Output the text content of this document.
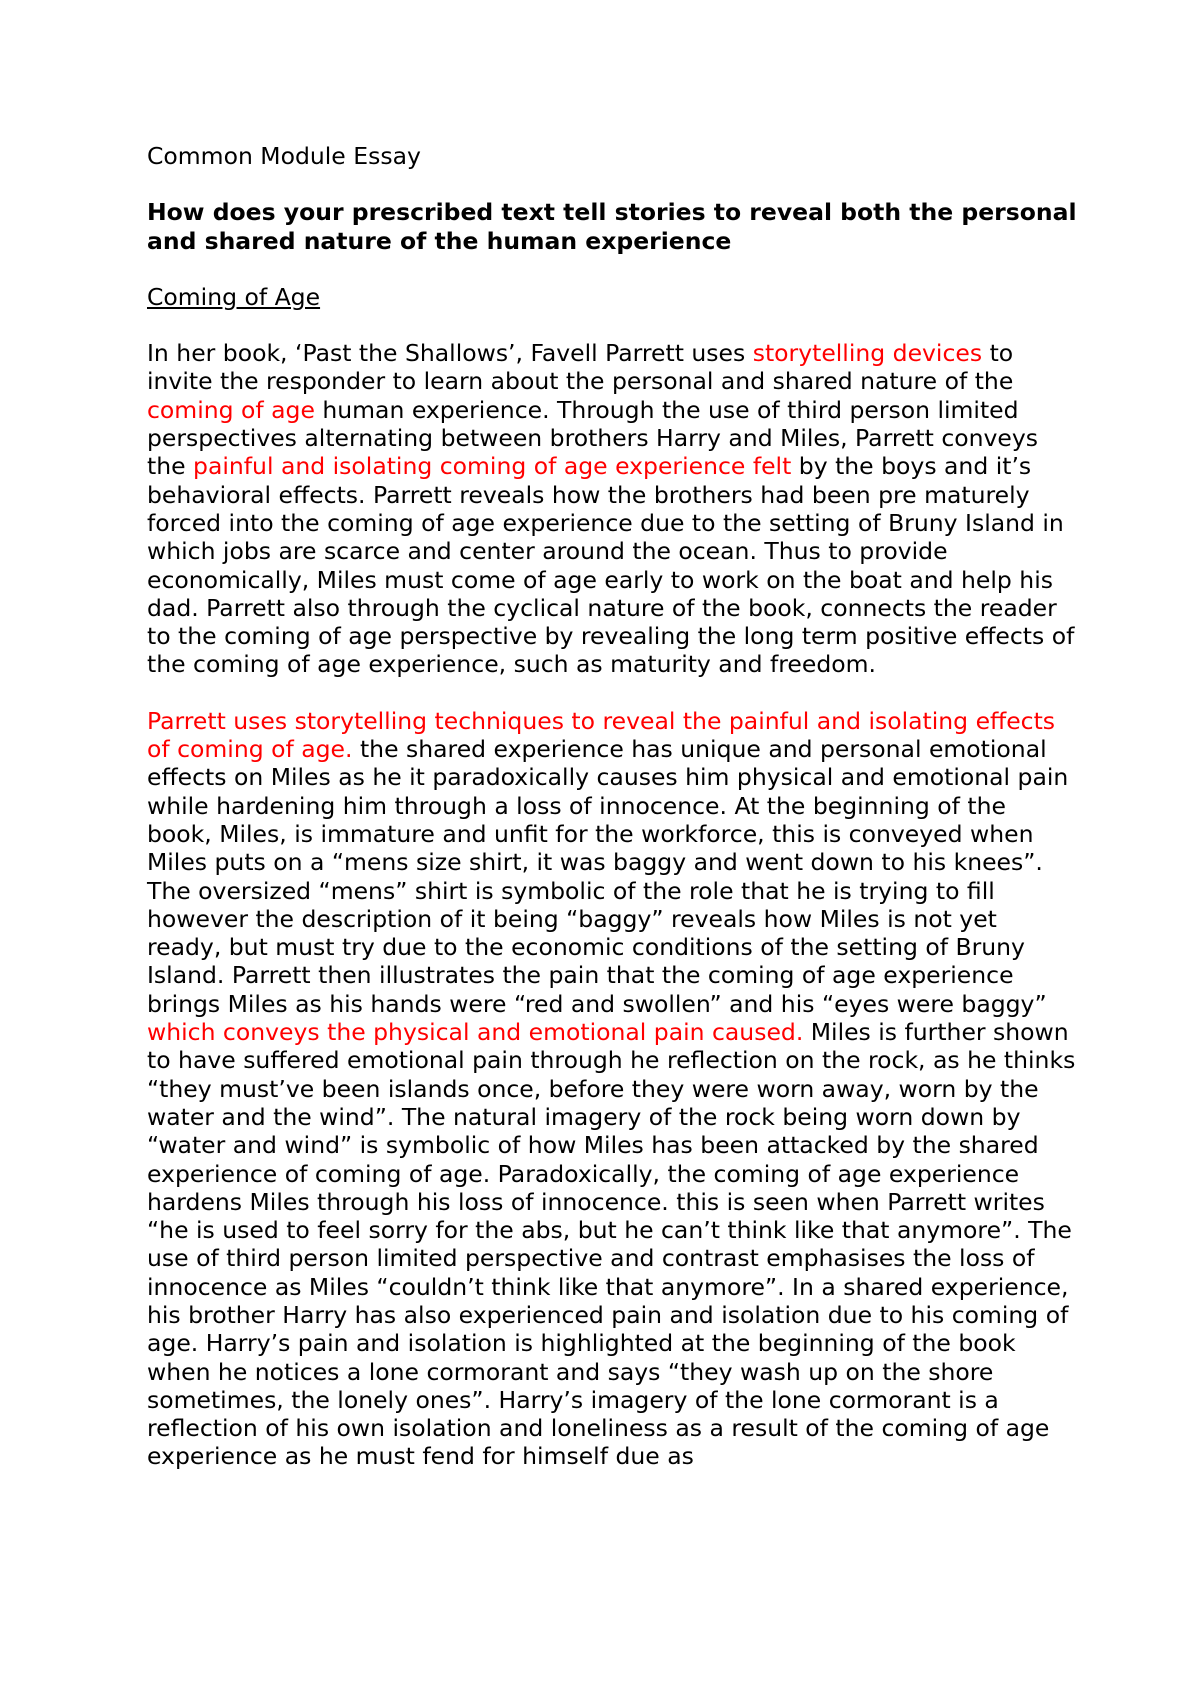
Common Module Essay

How does your prescribed text tell stories to reveal both the personal and shared nature of the human experience

Coming of Age

In her book, ‘Past the Shallows’, Favell Parrett uses storytelling devices to invite the responder to learn about the personal and shared nature of the coming of age human experience. Through the use of third person limited perspectives alternating between brothers Harry and Miles, Parrett conveys the painful and isolating coming of age experience felt by the boys and it’s behavioral effects. Parrett reveals how the brothers had been pre maturely forced into the coming of age experience due to the setting of Bruny Island in which jobs are scarce and center around the ocean. Thus to provide economically, Miles must come of age early to work on the boat and help his dad. Parrett also through the cyclical nature of the book, connects the reader to the coming of age perspective by revealing the long term positive effects of the coming of age experience, such as maturity and freedom.

Parrett uses storytelling techniques to reveal the painful and isolating effects of coming of age. the shared experience has unique and personal emotional effects on Miles as he it paradoxically causes him physical and emotional pain while hardening him through a loss of innocence. At the beginning of the book, Miles, is immature and unfit for the workforce, this is conveyed when Miles puts on a “mens size shirt, it was baggy and went down to his knees”. The oversized “mens” shirt is symbolic of the role that he is trying to fill however the description of it being “baggy” reveals how Miles is not yet ready, but must try due to the economic conditions of the setting of Bruny Island. Parrett then illustrates the pain that the coming of age experience brings Miles as his hands were “red and swollen” and his “eyes were baggy” which conveys the physical and emotional pain caused. Miles is further shown to have suffered emotional pain through he reflection on the rock, as he thinks “they must’ve been islands once, before they were worn away, worn by the water and the wind”. The natural imagery of the rock being worn down by “water and wind” is symbolic of how Miles has been attacked by the shared experience of coming of age. Paradoxically, the coming of age experience hardens Miles through his loss of innocence. this is seen when Parrett writes “he is used to feel sorry for the abs, but he can’t think like that anymore”. The use of third person limited perspective and contrast emphasises the loss of innocence as Miles “couldn’t think like that anymore”. In a shared experience, his brother Harry has also experienced pain and isolation due to his coming of age. Harry’s pain and isolation is highlighted at the beginning of the book when he notices a lone cormorant and says “they wash up on the shore sometimes, the lonely ones”. Harry’s imagery of the lone cormorant is a reflection of his own isolation and loneliness as a result of the coming of age experience as he must fend for himself due as
